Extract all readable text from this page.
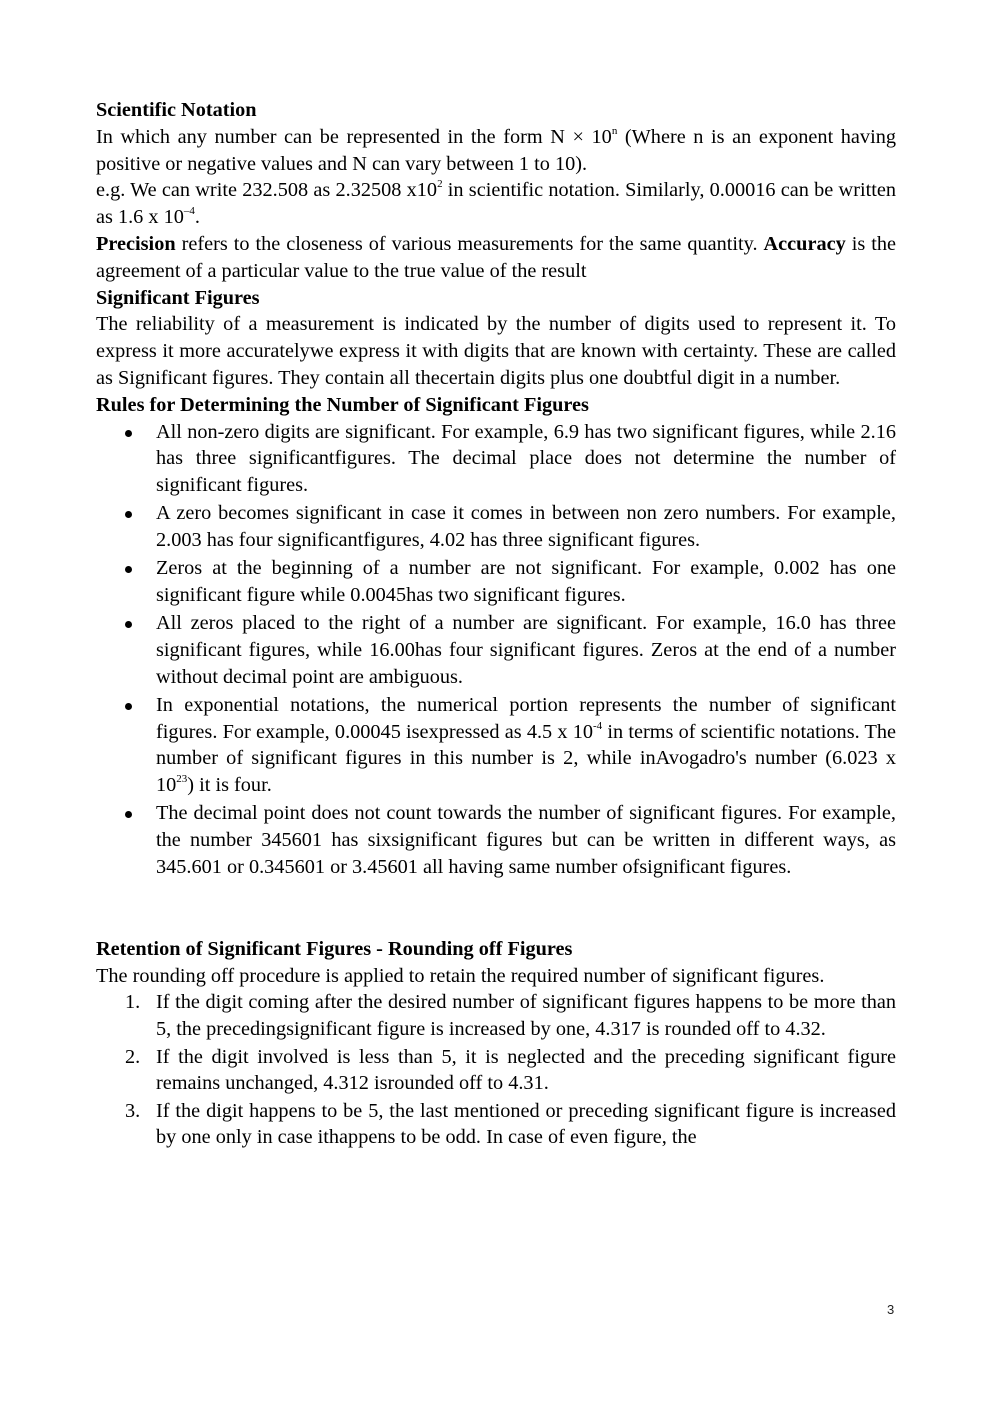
Scientific Notation

In which any number can be represented in the form $N \times 10^n$ (Where n is an exponent having positive or negative values and N can vary between 1 to 10).

e.g. We can write 232.508 as 2.32508 $x10^2$ in scientific notation. Similarly, 0.00016 can be written as 1.6 x $10^{-4}$.

Precision refers to the closeness of various measurements for the same quantity. Accuracy is the agreement of a particular value to the true value of the result

Significant Figures

The reliability of a measurement is indicated by the number of digits used to represent it. To express it more accuratelywe express it with digits that are known with certainty. These are called as Significant figures. They contain all thecertain digits plus one doubtful digit in a number.

Rules for Determining the Number of Significant Figures

All non-zero digits are significant. For example, 6.9 has two significant figures, while 2.16 has three significantfigures. The decimal place does not determine the number of significant figures.
A zero becomes significant in case it comes in between non zero numbers. For example, 2.003 has four significantfigures, 4.02 has three significant figures.
Zeros at the beginning of a number are not significant. For example, 0.002 has one significant figure while 0.0045has two significant figures.
All zeros placed to the right of a number are significant. For example, 16.0 has three significant figures, while 16.00has four significant figures. Zeros at the end of a number without decimal point are ambiguous.
In exponential notations, the numerical portion represents the number of significant figures. For example, 0.00045 isexpressed as 4.5 x $10^{-4}$ in terms of scientific notations. The number of significant figures in this number is 2, while inAvogadro's number (6.023 x $10^{23}$) it is four.
The decimal point does not count towards the number of significant figures. For example, the number 345601 has sixsignificant figures but can be written in different ways, as 345.601 or 0.345601 or 3.45601 all having same number ofsignificant figures.

Retention of Significant Figures - Rounding off Figures

The rounding off procedure is applied to retain the required number of significant figures.

1. If the digit coming after the desired number of significant figures happens to be more than 5, the precedingsignificant figure is increased by one, 4.317 is rounded off to 4.32.
2. If the digit involved is less than 5, it is neglected and the preceding significant figure remains unchanged, 4.312 isrounded off to 4.31.
3. If the digit happens to be 5, the last mentioned or preceding significant figure is increased by one only in case ithappens to be odd. In case of even figure, the
3
